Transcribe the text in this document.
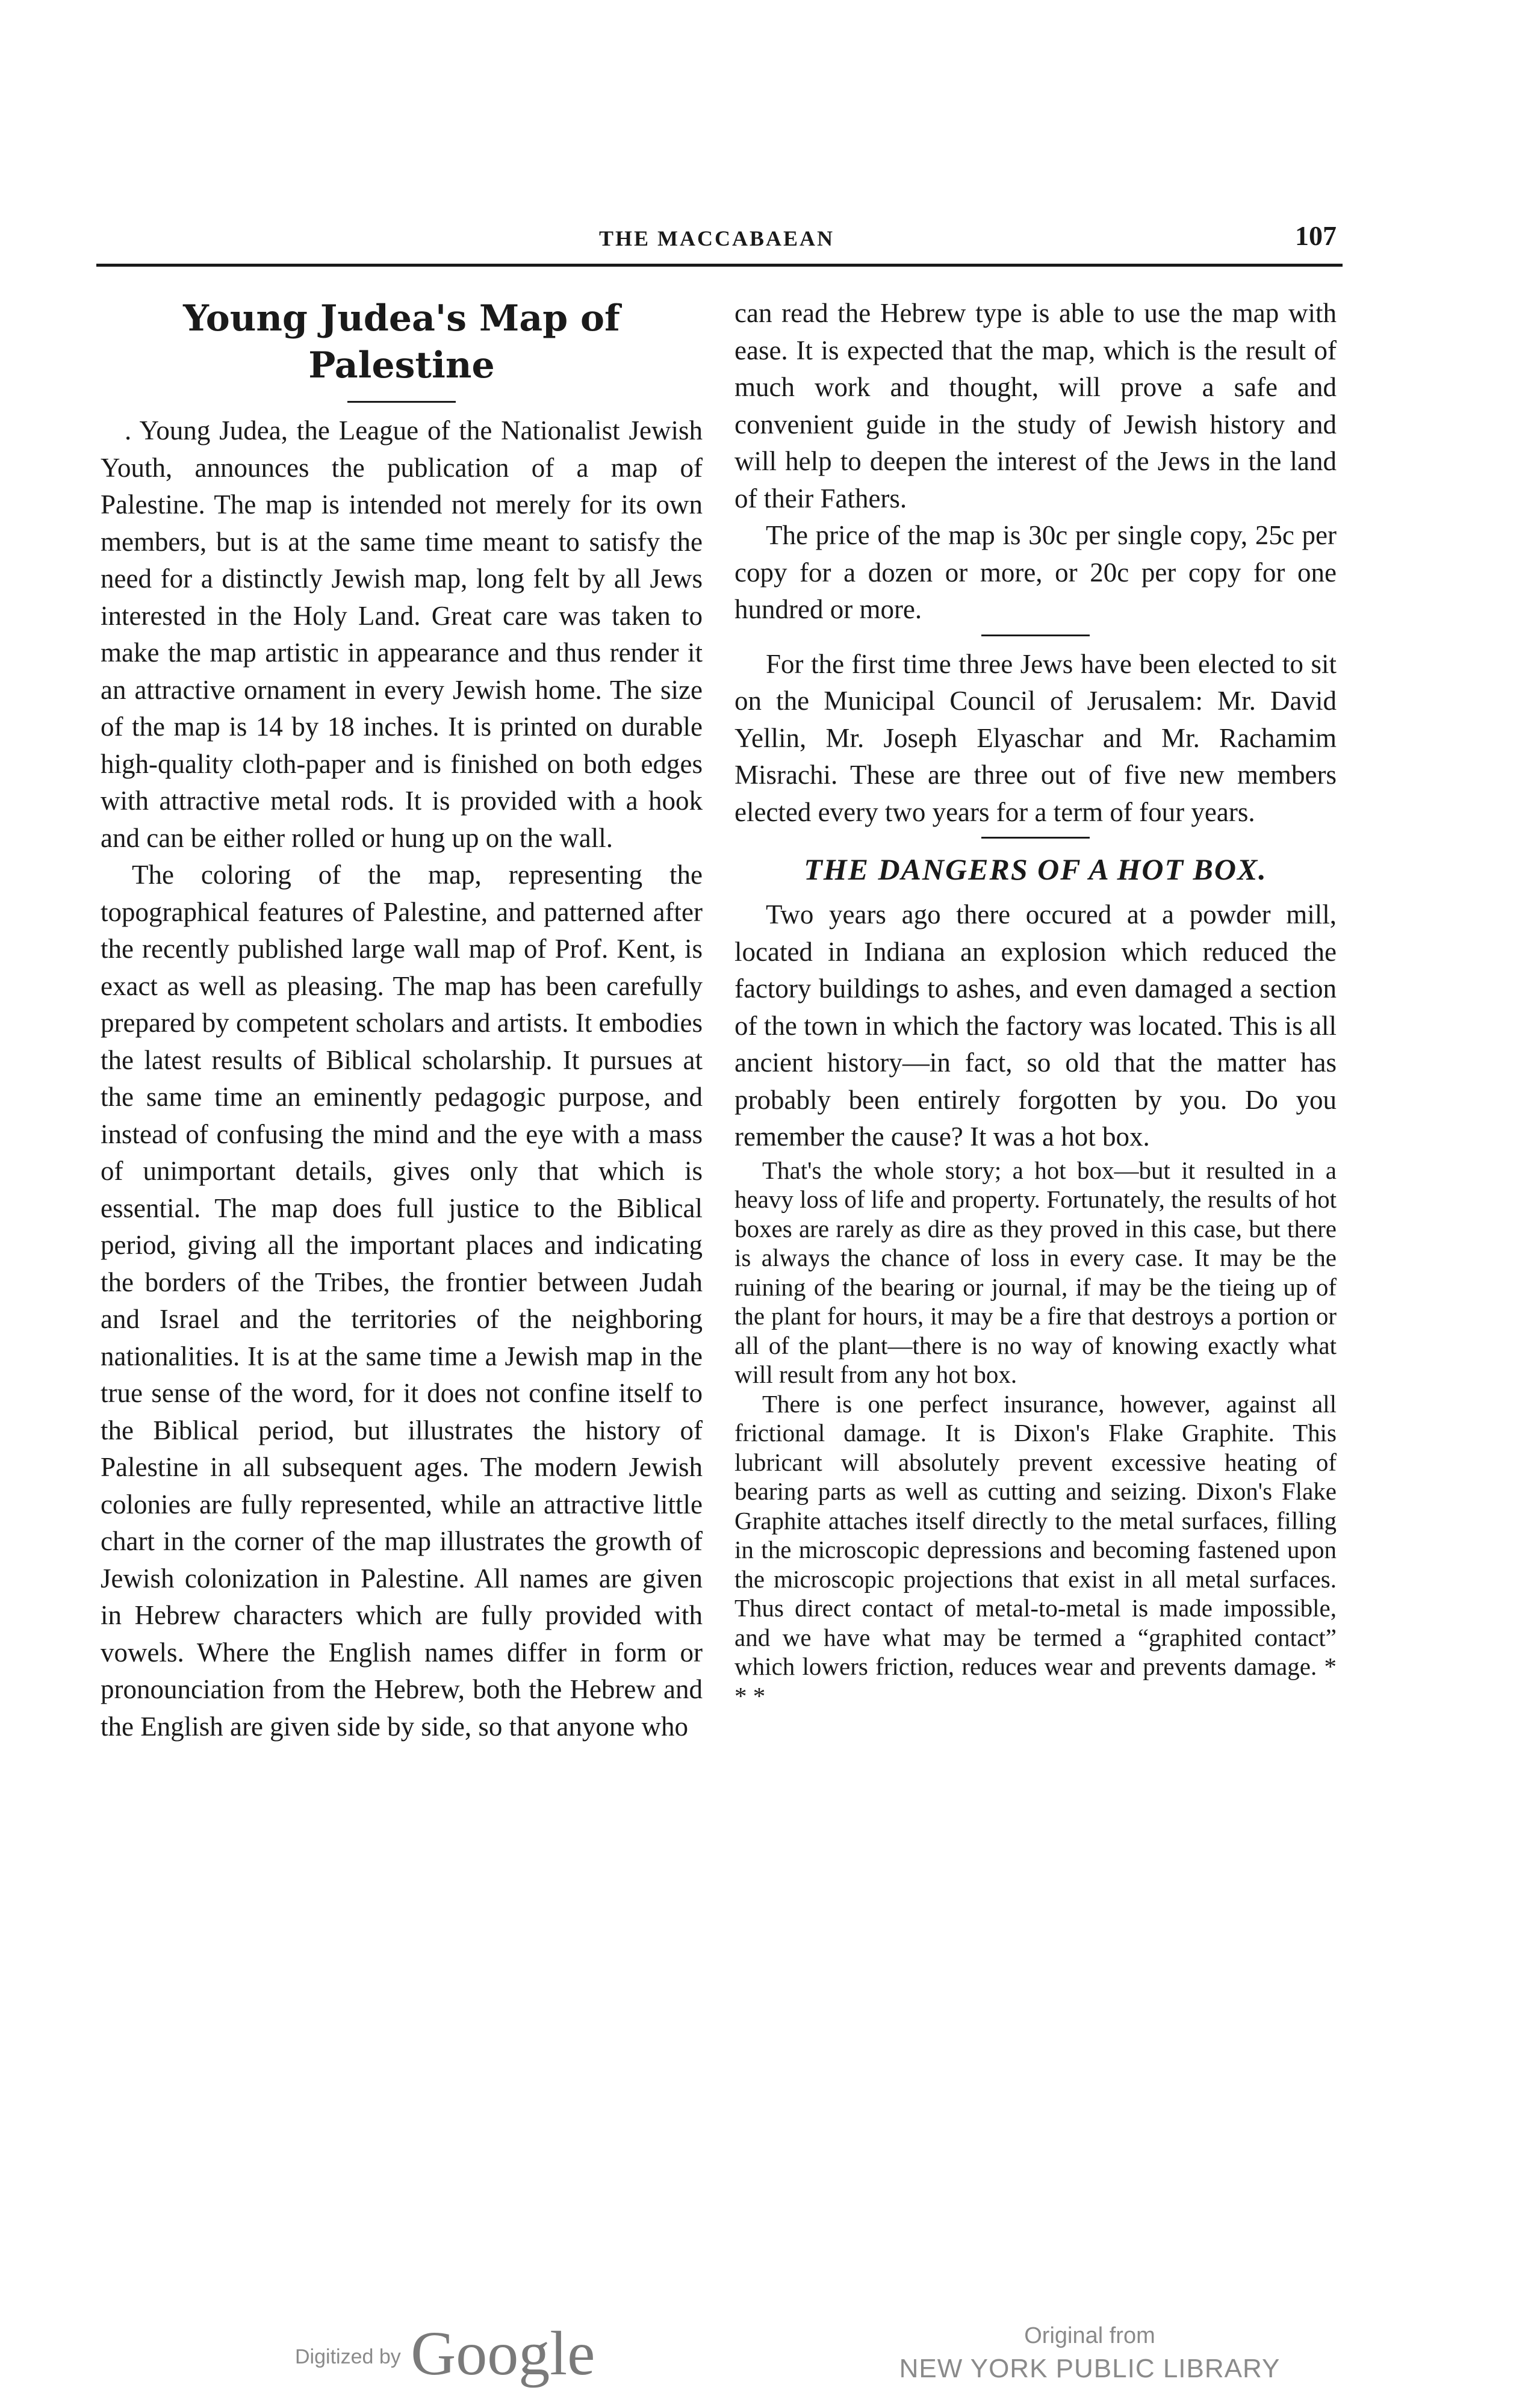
THE MACCABAEAN	107
Young Judea's Map of Palestine

. Young Judea, the League of the Nationalist Jewish Youth, announces the publication of a map of Palestine. The map is intended not merely for its own members, but is at the same time meant to satisfy the need for a distinctly Jewish map, long felt by all Jews interested in the Holy Land. Great care was taken to make the map artistic in appearance and thus render it an attractive ornament in every Jewish home. The size of the map is 14 by 18 inches. It is printed on durable high-quality cloth-paper and is finished on both edges with attractive metal rods. It is provided with a hook and can be either rolled or hung up on the wall.

The coloring of the map, representing the topographical features of Palestine, and patterned after the recently published large wall map of Prof. Kent, is exact as well as pleasing. The map has been carefully prepared by competent scholars and artists. It embodies the latest results of Biblical scholarship. It pursues at the same time an eminently pedagogic purpose, and instead of confusing the mind and the eye with a mass of unimportant details, gives only that which is essential. The map does full justice to the Biblical period, giving all the important places and indicating the borders of the Tribes, the frontier between Judah and Israel and the territories of the neighboring nationalities. It is at the same time a Jewish map in the true sense of the word, for it does not confine itself to the Biblical period, but illustrates the history of Palestine in all subsequent ages. The modern Jewish colonies are fully represented, while an attractive little chart in the corner of the map illustrates the growth of Jewish colonization in Palestine. All names are given in Hebrew characters which are fully provided with vowels. Where the English names differ in form or pronounciation from the Hebrew, both the Hebrew and the English are given side by side, so that anyone who

can read the Hebrew type is able to use the map with ease. It is expected that the map, which is the result of much work and thought, will prove a safe and convenient guide in the study of Jewish history and will help to deepen the interest of the Jews in the land of their Fathers.

The price of the map is 30c per single copy, 25c per copy for a dozen or more, or 20c per copy for one hundred or more.

For the first time three Jews have been elected to sit on the Municipal Council of Jerusalem: Mr. David Yellin, Mr. Joseph Elyaschar and Mr. Rachamim Misrachi. These are three out of five new members elected every two years for a term of four years.

THE DANGERS OF A HOT BOX.

Two years ago there occured at a powder mill, located in Indiana an explosion which reduced the factory buildings to ashes, and even damaged a section of the town in which the factory was located. This is all ancient history—in fact, so old that the matter has probably been entirely forgotten by you. Do you remember the cause? It was a hot box.

That's the whole story; a hot box—but it resulted in a heavy loss of life and property. Fortunately, the results of hot boxes are rarely as dire as they proved in this case, but there is always the chance of loss in every case. It may be the ruining of the bearing or journal, if may be the tieing up of the plant for hours, it may be a fire that destroys a portion or all of the plant—there is no way of knowing exactly what will result from any hot box.

There is one perfect insurance, however, against all frictional damage. It is Dixon's Flake Graphite. This lubricant will absolutely prevent excessive heating of bearing parts as well as cutting and seizing. Dixon's Flake Graphite attaches itself directly to the metal surfaces, filling in the microscopic depressions and becoming fastened upon the microscopic projections that exist in all metal surfaces. Thus direct contact of metal-to-metal is made impossible, and we have what may be termed a “graphited contact” which lowers friction, reduces wear and prevents damage. * * *

Digitized by Google	Original from
NEW YORK PUBLIC LIBRARY
